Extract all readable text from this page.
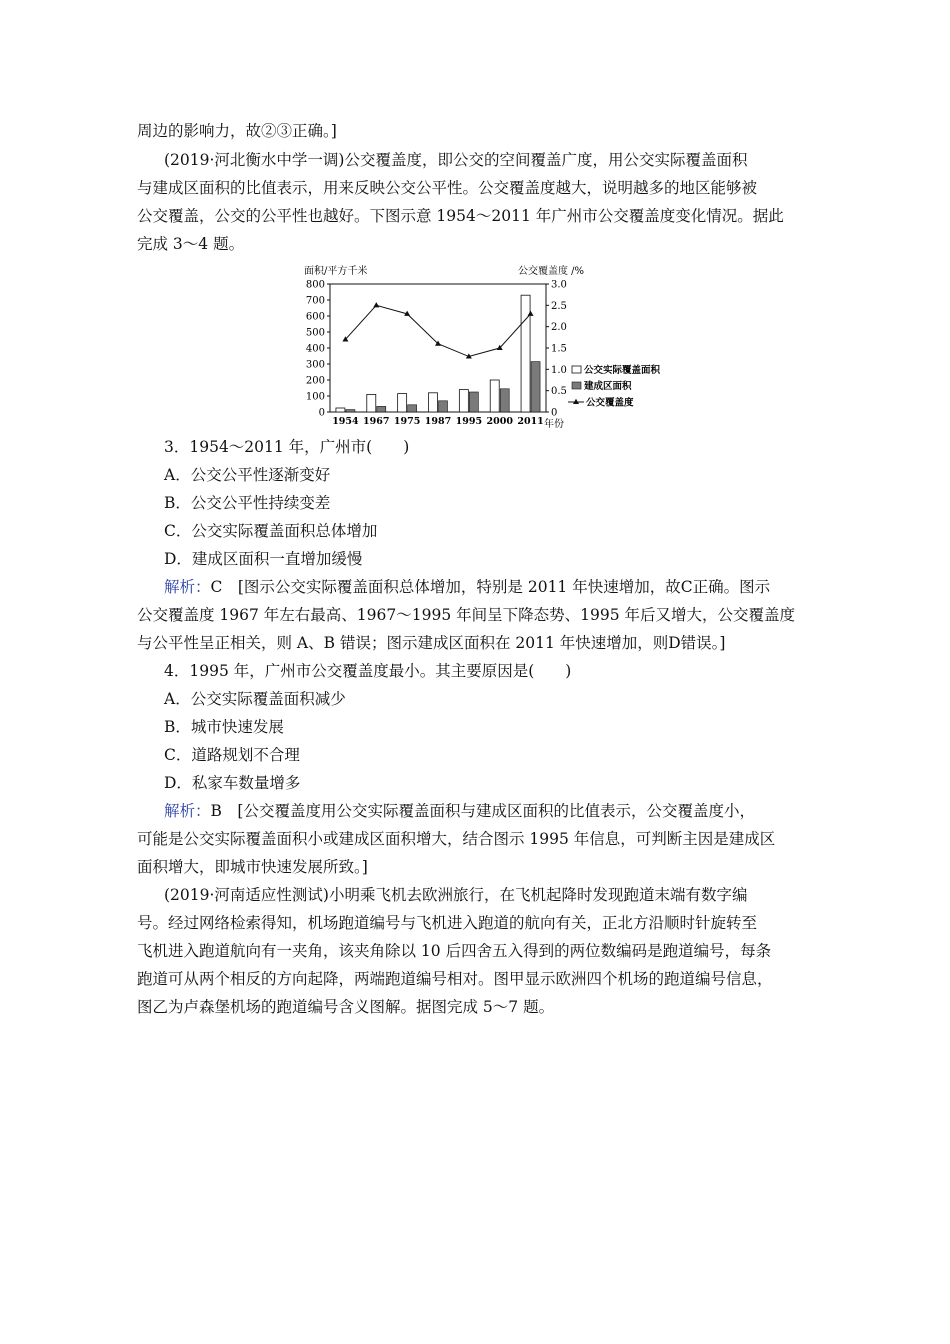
周边的影响力，故②③正确。]
(2019·河北衡水中学一调)公交覆盖度，即公交的空间覆盖广度，用公交实际覆盖面积
与建成区面积的比值表示，用来反映公交公平性。公交覆盖度越大，说明越多的地区能够被
公交覆盖，公交的公平性也越好。下图示意 1954～2011 年广州市公交覆盖度变化情况。据此
完成 3～4 题。
面积/平方千米	公交覆盖度 /%
年份
0
100
200
300
400
500
600
700
800
0
0.5
1.0
1.5
2.0
2.5
3.0
1954 1967 1975 1987 1995 2000 2011
公交实际覆盖面积
建成区面积
公交覆盖度
3．1954～2011 年，广州市(　　)
A．公交公平性逐渐变好
B．公交公平性持续变差
C．公交实际覆盖面积总体增加
D．建成区面积一直增加缓慢
解析：C　[图示公交实际覆盖面积总体增加，特别是 2011 年快速增加，故C正确。图示
公交覆盖度 1967 年左右最高、1967～1995 年间呈下降态势、1995 年后又增大，公交覆盖度
与公平性呈正相关，则 A、B 错误；图示建成区面积在 2011 年快速增加，则D错误。]
4．1995 年，广州市公交覆盖度最小。其主要原因是(　　)
A．公交实际覆盖面积减少
B．城市快速发展
C．道路规划不合理
D．私家车数量增多
解析：B　[公交覆盖度用公交实际覆盖面积与建成区面积的比值表示，公交覆盖度小，
可能是公交实际覆盖面积小或建成区面积增大，结合图示 1995 年信息，可判断主因是建成区
面积增大，即城市快速发展所致。]
(2019·河南适应性测试)小明乘飞机去欧洲旅行，在飞机起降时发现跑道末端有数字编
号。经过网络检索得知，机场跑道编号与飞机进入跑道的航向有关，正北方沿顺时针旋转至
飞机进入跑道航向有一夹角，该夹角除以 10 后四舍五入得到的两位数编码是跑道编号，每条
跑道可从两个相反的方向起降，两端跑道编号相对。图甲显示欧洲四个机场的跑道编号信息，
图乙为卢森堡机场的跑道编号含义图解。据图完成 5～7 题。
